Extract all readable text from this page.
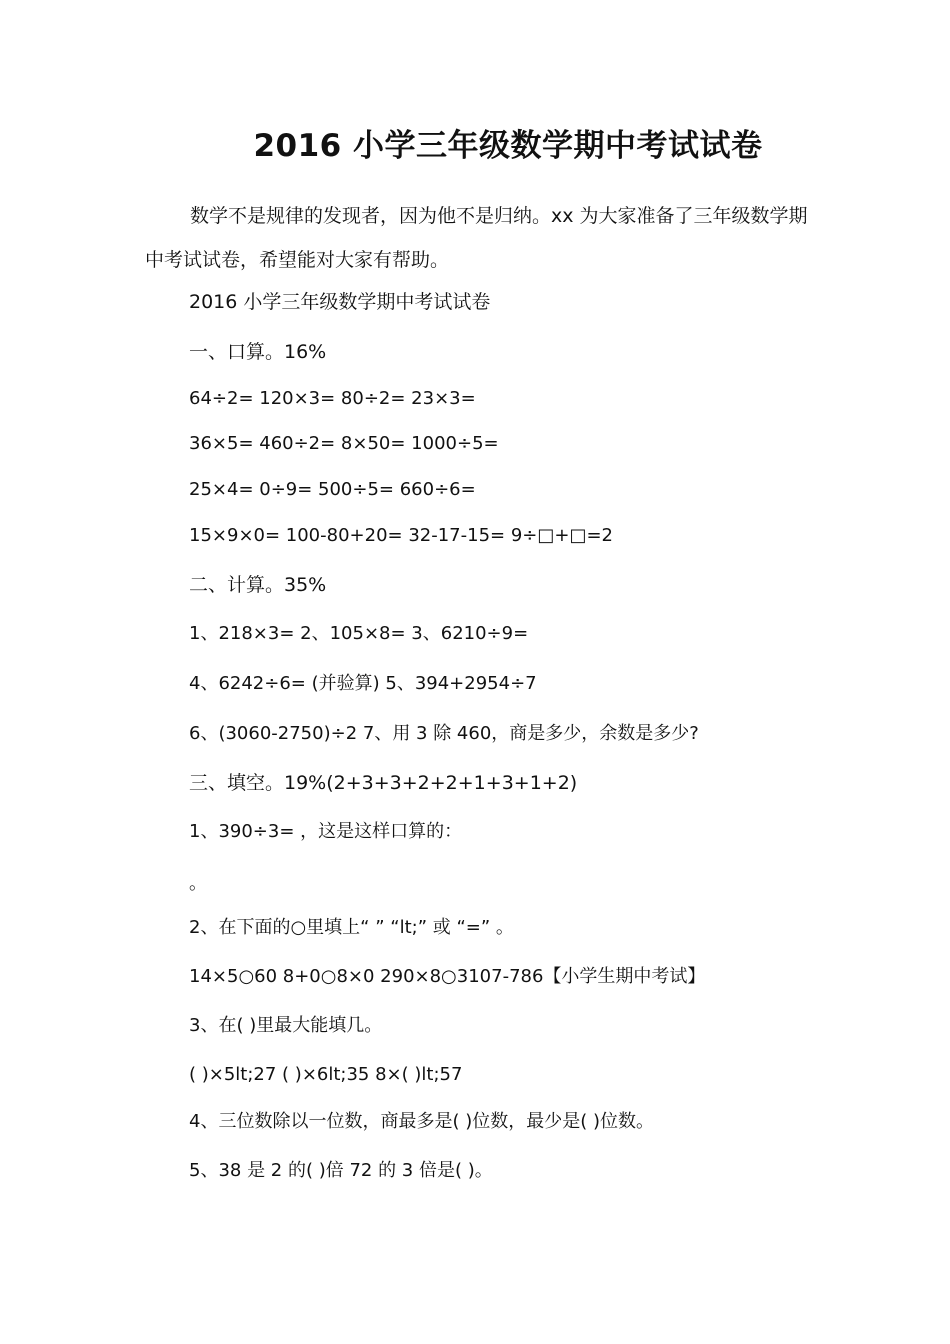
2016 小学三年级数学期中考试试卷

数学不是规律的发现者，因为他不是归纳。xx 为大家准备了三年级数学期中考试试卷，希望能对大家有帮助。

2016 小学三年级数学期中考试试卷

一、口算。16%

64÷2= 120×3= 80÷2= 23×3=

36×5= 460÷2= 8×50= 1000÷5=

25×4= 0÷9= 500÷5= 660÷6=

15×9×0= 100-80+20= 32-17-15= 9÷□+□=2

二、计算。35%

1、218×3= 2、105×8= 3、6210÷9=

4、6242÷6= (并验算) 5、394+2954÷7

6、(3060-2750)÷2 7、用 3 除 460，商是多少，余数是多少?

三、填空。19%(2+3+3+2+2+1+3+1+2)

1、390÷3= ，这是这样口算的：

。

2、在下面的○里填上“ ” “lt;” 或 “=” 。

14×5○60 8+0○8×0 290×8○3107-786【小学生期中考试】

3、在( )里最大能填几。

( )×5lt;27 ( )×6lt;35 8×( )lt;57

4、三位数除以一位数，商最多是( )位数，最少是( )位数。

5、38 是 2 的( )倍 72 的 3 倍是( )。
